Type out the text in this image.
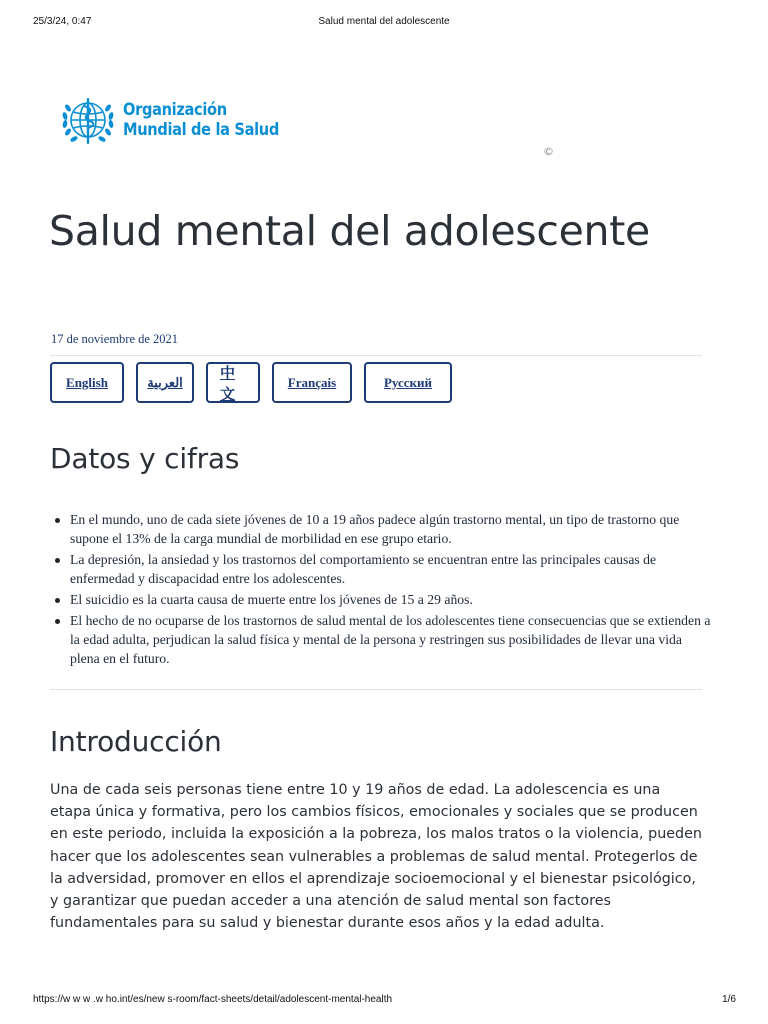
25/3/24, 0:47	Salud mental del adolescente
Organización
Mundial de la Salud
©
Salud mental del adolescente
17 de noviembre de 2021
English	العربية
中文
Français	Русский
Datos y cifras
En el mundo, uno de cada siete jóvenes de 10 a 19 años padece algún trastorno mental, un tipo de trastorno que supone el 13% de la carga mundial de morbilidad en ese grupo etario.
La depresión, la ansiedad y los trastornos del comportamiento se encuentran entre las principales causas de enfermedad y discapacidad entre los adolescentes.
El suicidio es la cuarta causa de muerte entre los jóvenes de 15 a 29 años.
El hecho de no ocuparse de los trastornos de salud mental de los adolescentes tiene consecuencias que se extienden a la edad adulta, perjudican la salud física y mental de la persona y restringen sus posibilidades de llevar una vida plena en el futuro.
Introducción

Una de cada seis personas tiene entre 10 y 19 años de edad. La adolescencia es una etapa única y formativa, pero los cambios físicos, emocionales y sociales que se producen en este periodo, incluida la exposición a la pobreza, los malos tratos o la violencia, pueden hacer que los adolescentes sean vulnerables a problemas de salud mental. Protegerlos de la adversidad, promover en ellos el aprendizaje socioemocional y el bienestar psicológico, y garantizar que puedan acceder a una atención de salud mental son factores fundamentales para su salud y bienestar durante esos años y la edad adulta.

https://w w w .w ho.int/es/new s-room/fact-sheets/detail/adolescent-mental-health	1/6
